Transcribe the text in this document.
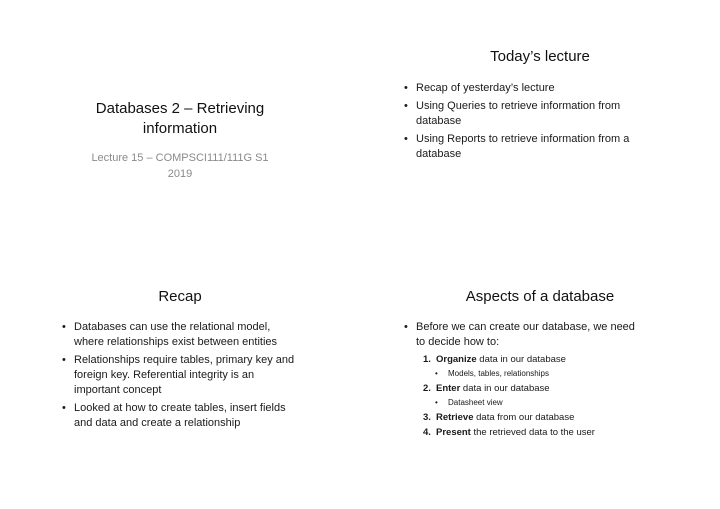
Databases 2 – Retrieving
information
Lecture 15 – COMPSCI111/111G S1
2019
Today’s lecture
• Recap of yesterday’s lecture
• Using Queries to retrieve information from
database
• Using Reports to retrieve information from a
database
Recap
• Databases can use the relational model,
where relationships exist between entities
• Relationships require tables, primary key and
foreign key. Referential integrity is an
important concept
• Looked at how to create tables, insert fields
and data and create a relationship
Aspects of a database
• Before we can create our database, we need
to decide how to:
1. Organize data in our database
• Models, tables, relationships
2. Enter data in our database
• Datasheet view
3. Retrieve data from our database
4. Present the retrieved data to the user
